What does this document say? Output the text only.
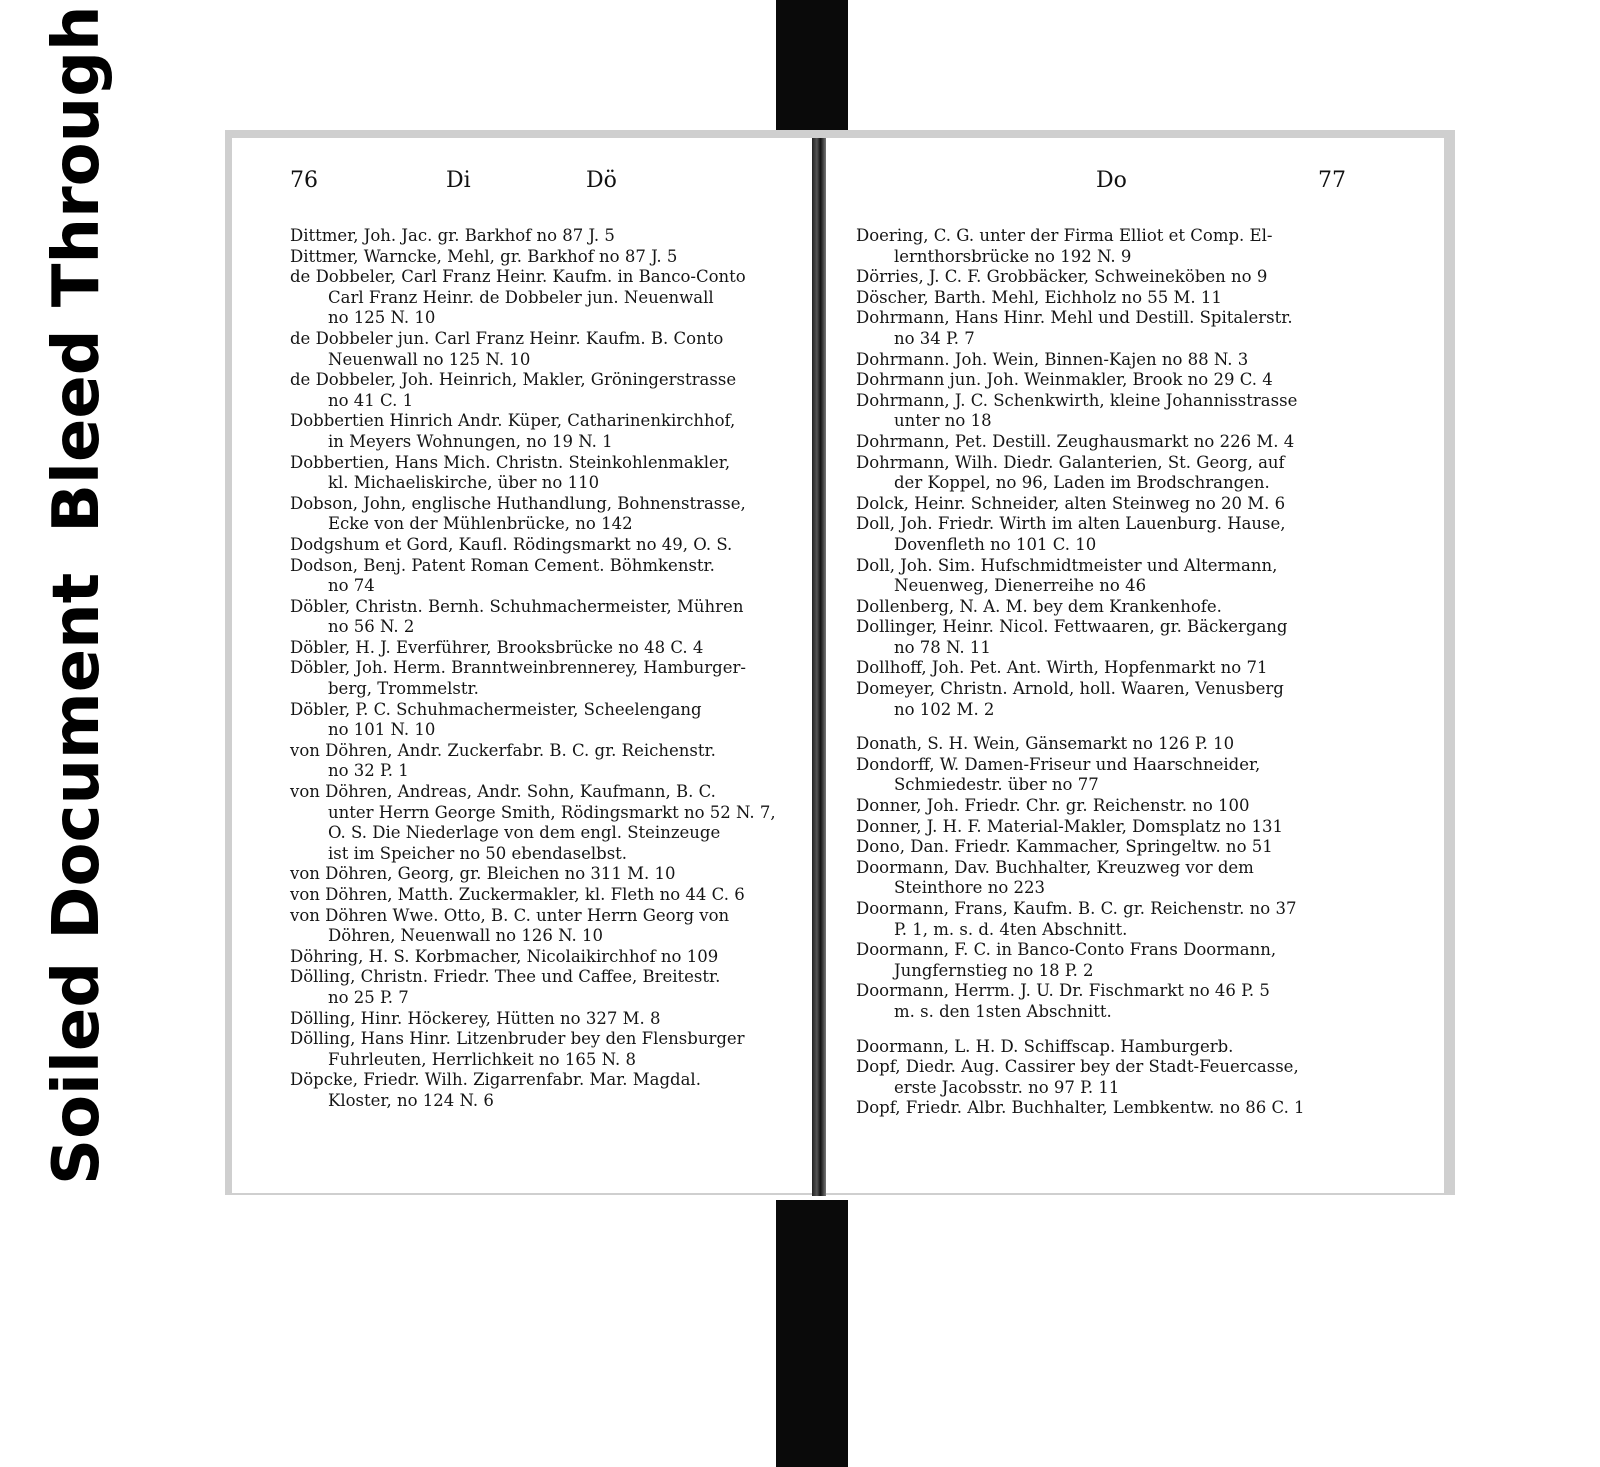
Soiled DocumentBleed Through	76	Di	Dö
Dittmer, Joh. Jac. gr. Barkhof no 87 J. 5
Dittmer, Warncke, Mehl, gr. Barkhof no 87 J. 5
de Dobbeler, Carl Franz Heinr. Kaufm. in Banco-Conto
Carl Franz Heinr. de Dobbeler jun. Neuenwall
no 125 N. 10
de Dobbeler jun. Carl Franz Heinr. Kaufm. B. Conto
Neuenwall no 125 N. 10
de Dobbeler, Joh. Heinrich, Makler, Gröningerstrasse
no 41 C. 1
Dobbertien Hinrich Andr. Küper, Catharinenkirchhof,
in Meyers Wohnungen, no 19 N. 1
Dobbertien, Hans Mich. Christn. Steinkohlenmakler,
kl. Michaeliskirche, über no 110
Dobson, John, englische Huthandlung, Bohnenstrasse,
Ecke von der Mühlenbrücke, no 142
Dodgshum et Gord, Kaufl. Rödingsmarkt no 49, O. S.
Dodson, Benj. Patent Roman Cement. Böhmkenstr.
no 74
Döbler, Christn. Bernh. Schuhmachermeister, Mühren
no 56 N. 2
Döbler, H. J. Everführer, Brooksbrücke no 48 C. 4
Döbler, Joh. Herm. Branntweinbrennerey, Hamburger-
berg, Trommelstr.
Döbler, P. C. Schuhmachermeister, Scheelengang
no 101 N. 10
von Döhren, Andr. Zuckerfabr. B. C. gr. Reichenstr.
no 32 P. 1
von Döhren, Andreas, Andr. Sohn, Kaufmann, B. C.
unter Herrn George Smith, Rödingsmarkt no 52 N. 7,
O. S. Die Niederlage von dem engl. Steinzeuge
ist im Speicher no 50 ebendaselbst.
von Döhren, Georg, gr. Bleichen no 311 M. 10
von Döhren, Matth. Zuckermakler, kl. Fleth no 44 C. 6
von Döhren Wwe. Otto, B. C. unter Herrn Georg von
Döhren, Neuenwall no 126 N. 10
Döhring, H. S. Korbmacher, Nicolaikirchhof no 109
Dölling, Christn. Friedr. Thee und Caffee, Breitestr.
no 25 P. 7
Dölling, Hinr. Höckerey, Hütten no 327 M. 8
Dölling, Hans Hinr. Litzenbruder bey den Flensburger
Fuhrleuten, Herrlichkeit no 165 N. 8
Döpcke, Friedr. Wilh. Zigarrenfabr. Mar. Magdal.
Kloster, no 124 N. 6
Do	77
Doering, C. G. unter der Firma Elliot et Comp. El-
lernthorsbrücke no 192 N. 9
Dörries, J. C. F. Grobbäcker, Schweineköben no 9
Döscher, Barth. Mehl, Eichholz no 55 M. 11
Dohrmann, Hans Hinr. Mehl und Destill. Spitalerstr.
no 34 P. 7
Dohrmann. Joh. Wein, Binnen-Kajen no 88 N. 3
Dohrmann jun. Joh. Weinmakler, Brook no 29 C. 4
Dohrmann, J. C. Schenkwirth, kleine Johannisstrasse
unter no 18
Dohrmann, Pet. Destill. Zeughausmarkt no 226 M. 4
Dohrmann, Wilh. Diedr. Galanterien, St. Georg, auf
der Koppel, no 96, Laden im Brodschrangen.
Dolck, Heinr. Schneider, alten Steinweg no 20 M. 6
Doll, Joh. Friedr. Wirth im alten Lauenburg. Hause,
Dovenfleth no 101 C. 10
Doll, Joh. Sim. Hufschmidtmeister und Altermann,
Neuenweg, Dienerreihe no 46
Dollenberg, N. A. M. bey dem Krankenhofe.
Dollinger, Heinr. Nicol. Fettwaaren, gr. Bäckergang
no 78 N. 11
Dollhoff, Joh. Pet. Ant. Wirth, Hopfenmarkt no 71
Domeyer, Christn. Arnold, holl. Waaren, Venusberg
no 102 M. 2
Donath, S. H. Wein, Gänsemarkt no 126 P. 10
Dondorff, W. Damen-Friseur und Haarschneider,
Schmiedestr. über no 77
Donner, Joh. Friedr. Chr. gr. Reichenstr. no 100
Donner, J. H. F. Material-Makler, Domsplatz no 131
Dono, Dan. Friedr. Kammacher, Springeltw. no 51
Doormann, Dav. Buchhalter, Kreuzweg vor dem
Steinthore no 223
Doormann, Frans, Kaufm. B. C. gr. Reichenstr. no 37
P. 1, m. s. d. 4ten Abschnitt.
Doormann, F. C. in Banco-Conto Frans Doormann,
Jungfernstieg no 18 P. 2
Doormann, Herrm. J. U. Dr. Fischmarkt no 46 P. 5
m. s. den 1sten Abschnitt.
Doormann, L. H. D. Schiffscap. Hamburgerb.
Dopf, Diedr. Aug. Cassirer bey der Stadt-Feuercasse,
erste Jacobsstr. no 97 P. 11
Dopf, Friedr. Albr. Buchhalter, Lembkentw. no 86 C. 1
